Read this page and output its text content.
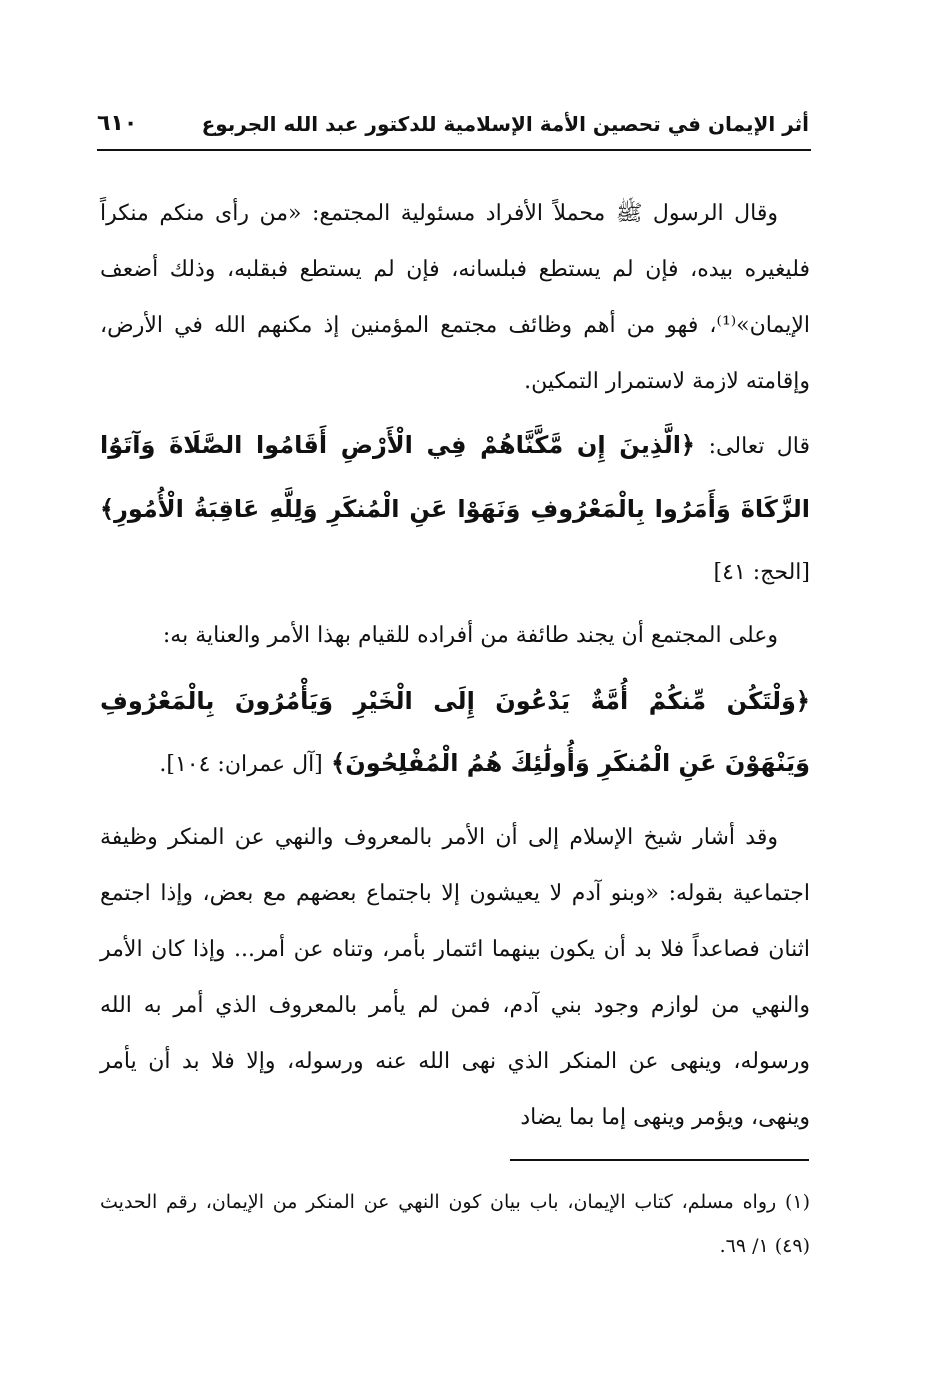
أثر الإيمان في تحصين الأمة الإسلامية للدكتور عبد الله الجربوع
٦١٠

وقال الرسول ﷺ محملاً الأفراد مسئولية المجتمع: «من رأى منكم منكراً فليغيره بيده، فإن لم يستطع فبلسانه، فإن لم يستطع فبقلبه، وذلك أضعف الإيمان»⁽¹⁾، فهو من أهم وظائف مجتمع المؤمنين إذ مكنهم الله في الأرض، وإقامته لازمة لاستمرار التمكين.

قال تعالى: ﴿الَّذِينَ إِن مَّكَّنَّاهُمْ فِي الْأَرْضِ أَقَامُوا الصَّلَاةَ وَآتَوُا الزَّكَاةَ وَأَمَرُوا بِالْمَعْرُوفِ وَنَهَوْا عَنِ الْمُنكَرِ وَلِلَّهِ عَاقِبَةُ الْأُمُورِ﴾ [الحج: ٤١]

وعلى المجتمع أن يجند طائفة من أفراده للقيام بهذا الأمر والعناية به:

﴿وَلْتَكُن مِّنكُمْ أُمَّةٌ يَدْعُونَ إِلَى الْخَيْرِ وَيَأْمُرُونَ بِالْمَعْرُوفِ وَيَنْهَوْنَ عَنِ الْمُنكَرِ وَأُولَٰئِكَ هُمُ الْمُفْلِحُونَ﴾ [آل عمران: ١٠٤].

وقد أشار شيخ الإسلام إلى أن الأمر بالمعروف والنهي عن المنكر وظيفة اجتماعية بقوله: «وبنو آدم لا يعيشون إلا باجتماع بعضهم مع بعض، وإذا اجتمع اثنان فصاعداً فلا بد أن يكون بينهما ائتمار بأمر، وتناه عن أمر... وإذا كان الأمر والنهي من لوازم وجود بني آدم، فمن لم يأمر بالمعروف الذي أمر به الله ورسوله، وينهى عن المنكر الذي نهى الله عنه ورسوله، وإلا فلا بد أن يأمر وينهى، ويؤمر وينهى إما بما يضاد

(١) رواه مسلم، كتاب الإيمان، باب بيان كون النهي عن المنكر من الإيمان، رقم الحديث (٤٩) ١/ ٦٩.
